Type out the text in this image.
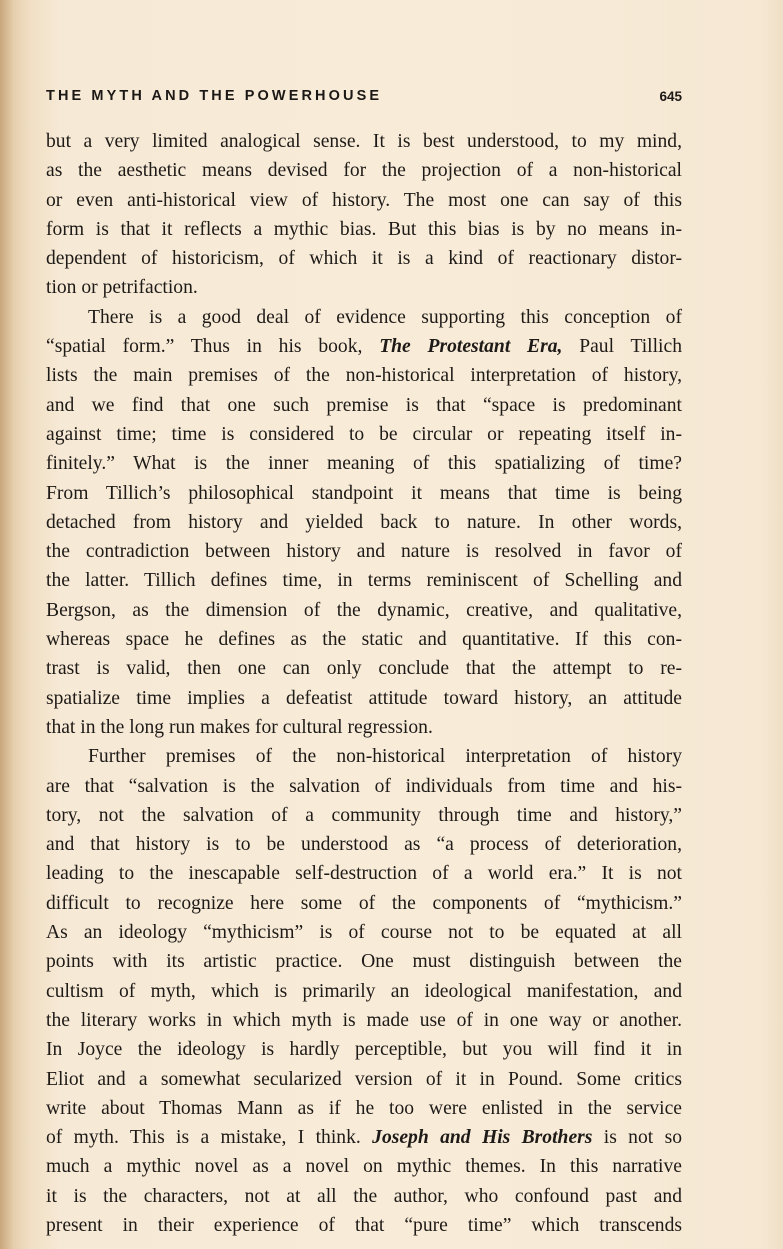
THE MYTH AND THE POWERHOUSE	645
but a very limited analogical sense. It is best understood, to my mind,
as the aesthetic means devised for the projection of a non-historical
or even anti-historical view of history. The most one can say of this
form is that it reflects a mythic bias. But this bias is by no means in-
dependent of historicism, of which it is a kind of reactionary distor-
tion or petrifaction.
There is a good deal of evidence supporting this conception of
“spatial form.” Thus in his book, The Protestant Era, Paul Tillich
lists the main premises of the non-historical interpretation of history,
and we find that one such premise is that “space is predominant
against time; time is considered to be circular or repeating itself in-
finitely.” What is the inner meaning of this spatializing of time?
From Tillich’s philosophical standpoint it means that time is being
detached from history and yielded back to nature. In other words,
the contradiction between history and nature is resolved in favor of
the latter. Tillich defines time, in terms reminiscent of Schelling and
Bergson, as the dimension of the dynamic, creative, and qualitative,
whereas space he defines as the static and quantitative. If this con-
trast is valid, then one can only conclude that the attempt to re-
spatialize time implies a defeatist attitude toward history, an attitude
that in the long run makes for cultural regression.
Further premises of the non-historical interpretation of history
are that “salvation is the salvation of individuals from time and his-
tory, not the salvation of a community through time and history,”
and that history is to be understood as “a process of deterioration,
leading to the inescapable self-destruction of a world era.” It is not
difficult to recognize here some of the components of “mythicism.”
As an ideology “mythicism” is of course not to be equated at all
points with its artistic practice. One must distinguish between the
cultism of myth, which is primarily an ideological manifestation, and
the literary works in which myth is made use of in one way or another.
In Joyce the ideology is hardly perceptible, but you will find it in
Eliot and a somewhat secularized version of it in Pound. Some critics
write about Thomas Mann as if he too were enlisted in the service
of myth. This is a mistake, I think. Joseph and His Brothers is not so
much a mythic novel as a novel on mythic themes. In this narrative
it is the characters, not at all the author, who confound past and
present in their experience of that “pure time” which transcends
